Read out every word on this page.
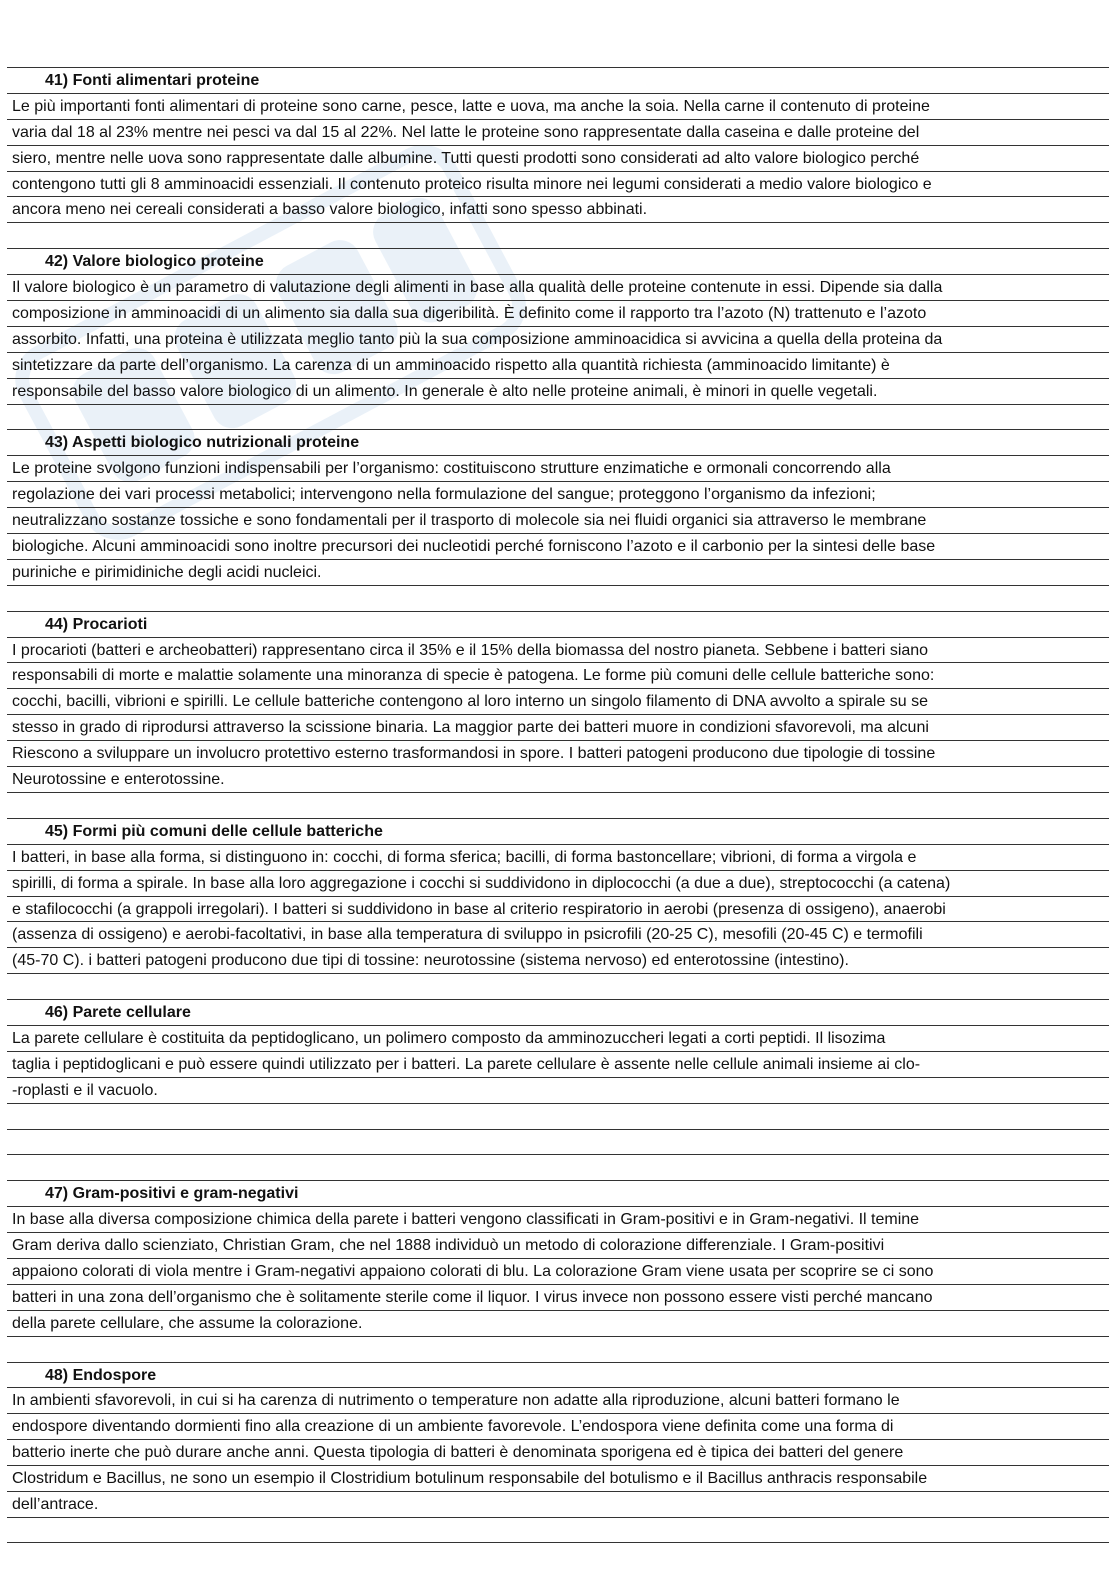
41) Fonti alimentari proteine
Le più importanti fonti alimentari di proteine sono carne, pesce, latte e uova, ma anche la soia. Nella carne il contenuto di proteine
varia dal 18 al 23% mentre nei pesci va dal 15 al 22%. Nel latte le proteine sono rappresentate dalla caseina e dalle proteine del
siero, mentre nelle uova sono rappresentate dalle albumine. Tutti questi prodotti sono considerati ad alto valore biologico perché
contengono tutti gli 8 amminoacidi essenziali. Il contenuto proteico risulta minore nei legumi considerati a medio valore biologico e
ancora meno nei cereali considerati a basso valore biologico, infatti sono spesso abbinati.
42) Valore biologico proteine
Il valore biologico è un parametro di valutazione degli alimenti in base alla qualità delle proteine contenute in essi. Dipende sia dalla
composizione in amminoacidi di un alimento sia dalla sua digeribilità. È definito come il rapporto tra l’azoto (N) trattenuto e l’azoto
assorbito. Infatti, una proteina è utilizzata meglio tanto più la sua composizione amminoacidica si avvicina a quella della proteina da
sintetizzare da parte dell’organismo. La carenza di un amminoacido rispetto alla quantità richiesta (amminoacido limitante) è
responsabile del basso valore biologico di un alimento. In generale è alto nelle proteine animali, è minori in quelle vegetali.
43) Aspetti biologico nutrizionali proteine
Le proteine svolgono funzioni indispensabili per l’organismo: costituiscono strutture enzimatiche e ormonali concorrendo alla
regolazione dei vari processi metabolici; intervengono nella formulazione del sangue; proteggono l’organismo da infezioni;
neutralizzano sostanze tossiche e sono fondamentali per il trasporto di molecole sia nei fluidi organici sia attraverso le membrane
biologiche. Alcuni amminoacidi sono inoltre precursori dei nucleotidi perché forniscono l’azoto e il carbonio per la sintesi delle base
puriniche e pirimidiniche degli acidi nucleici.
44) Procarioti
I procarioti (batteri e archeobatteri) rappresentano circa il 35% e il 15% della biomassa del nostro pianeta. Sebbene i batteri siano
responsabili di morte e malattie solamente una minoranza di specie è patogena. Le forme più comuni delle cellule batteriche sono:
cocchi, bacilli, vibrioni e spirilli. Le cellule batteriche contengono al loro interno un singolo filamento di DNA avvolto a spirale su se
stesso in grado di riprodursi attraverso la scissione binaria. La maggior parte dei batteri muore in condizioni sfavorevoli, ma alcuni
Riescono a sviluppare un involucro protettivo esterno trasformandosi in spore. I batteri patogeni producono due tipologie di tossine
Neurotossine e enterotossine.
45) Formi più comuni delle cellule batteriche
I batteri, in base alla forma, si distinguono in: cocchi, di forma sferica; bacilli, di forma bastoncellare; vibrioni, di forma a virgola e
spirilli, di forma a spirale. In base alla loro aggregazione i cocchi si suddividono in diplococchi (a due a due), streptococchi (a catena)
e stafilococchi (a grappoli irregolari). I batteri si suddividono in base al criterio respiratorio in aerobi (presenza di ossigeno), anaerobi
(assenza di ossigeno) e aerobi-facoltativi, in base alla temperatura di sviluppo in psicrofili (20-25 C), mesofili (20-45 C) e termofili
(45-70 C). i batteri patogeni producono due tipi di tossine: neurotossine (sistema nervoso) ed enterotossine (intestino).
46) Parete cellulare
La parete cellulare è costituita da peptidoglicano, un polimero composto da amminozuccheri legati a corti peptidi. Il lisozima
taglia i peptidoglicani e può essere quindi utilizzato per i batteri. La parete cellulare è assente nelle cellule animali insieme ai clo-
-roplasti e il vacuolo.
47) Gram-positivi e gram-negativi
In base alla diversa composizione chimica della parete i batteri vengono classificati in Gram-positivi e in Gram-negativi. Il temine
Gram deriva dallo scienziato, Christian Gram, che nel 1888 individuò un metodo di colorazione differenziale. I Gram-positivi
appaiono colorati di viola mentre i Gram-negativi appaiono colorati di blu. La colorazione Gram viene usata per scoprire se ci sono
batteri in una zona dell’organismo che è solitamente sterile come il liquor. I virus invece non possono essere visti perché mancano
della parete cellulare, che assume la colorazione.
48) Endospore
In ambienti sfavorevoli, in cui si ha carenza di nutrimento o temperature non adatte alla riproduzione, alcuni batteri formano le
endospore diventando dormienti fino alla creazione di un ambiente favorevole. L’endospora viene definita come una forma di
batterio inerte che può durare anche anni. Questa tipologia di batteri è denominata sporigena ed è tipica dei batteri del genere
Clostridum e Bacillus, ne sono un esempio il Clostridium botulinum responsabile del botulismo e il Bacillus anthracis responsabile
dell’antrace.
